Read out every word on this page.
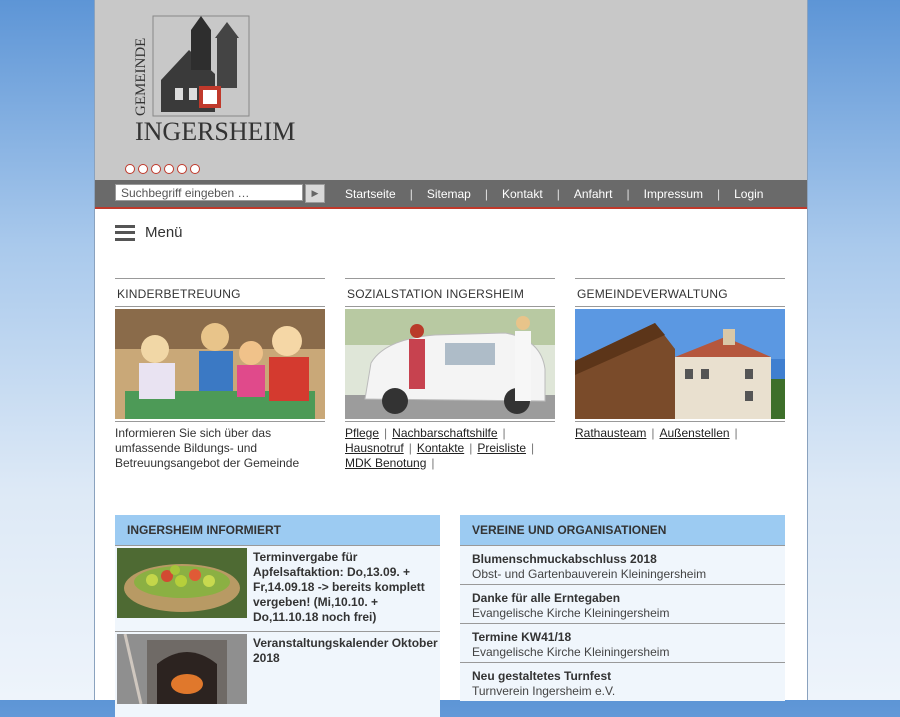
GEMEINDE
INGERSHEIM
Suchbegriff eingeben …	▶	Startseite | Sitemap | Kontakt | Anfahrt | Impressum | Login
Menü
KINDERBETREUUNG
Informieren Sie sich über das umfassende Bildungs- und Betreuungsangebot der Gemeinde
SOZIALSTATION INGERSHEIM
Pflege | Nachbarschaftshilfe |
Hausnotruf | Kontakte | Preisliste |
MDK Benotung |
GEMEINDEVERWALTUNG
Rathausteam | Außenstellen |
INGERSHEIM INFORMIERT
Terminvergabe für Apfelsaftaktion: Do,13.09. + Fr,14.09.18 -> bereits komplett vergeben! (Mi,10.10. + Do,11.10.18 noch frei)
Veranstaltungskalender Oktober 2018
VEREINE UND ORGANISATIONEN
Blumenschmuckabschluss 2018
Obst- und Gartenbauverein Kleiningersheim
Danke für alle Erntegaben
Evangelische Kirche Kleiningersheim
Termine KW41/18
Evangelische Kirche Kleiningersheim
Neu gestaltetes Turnfest
Turnverein Ingersheim e.V.
